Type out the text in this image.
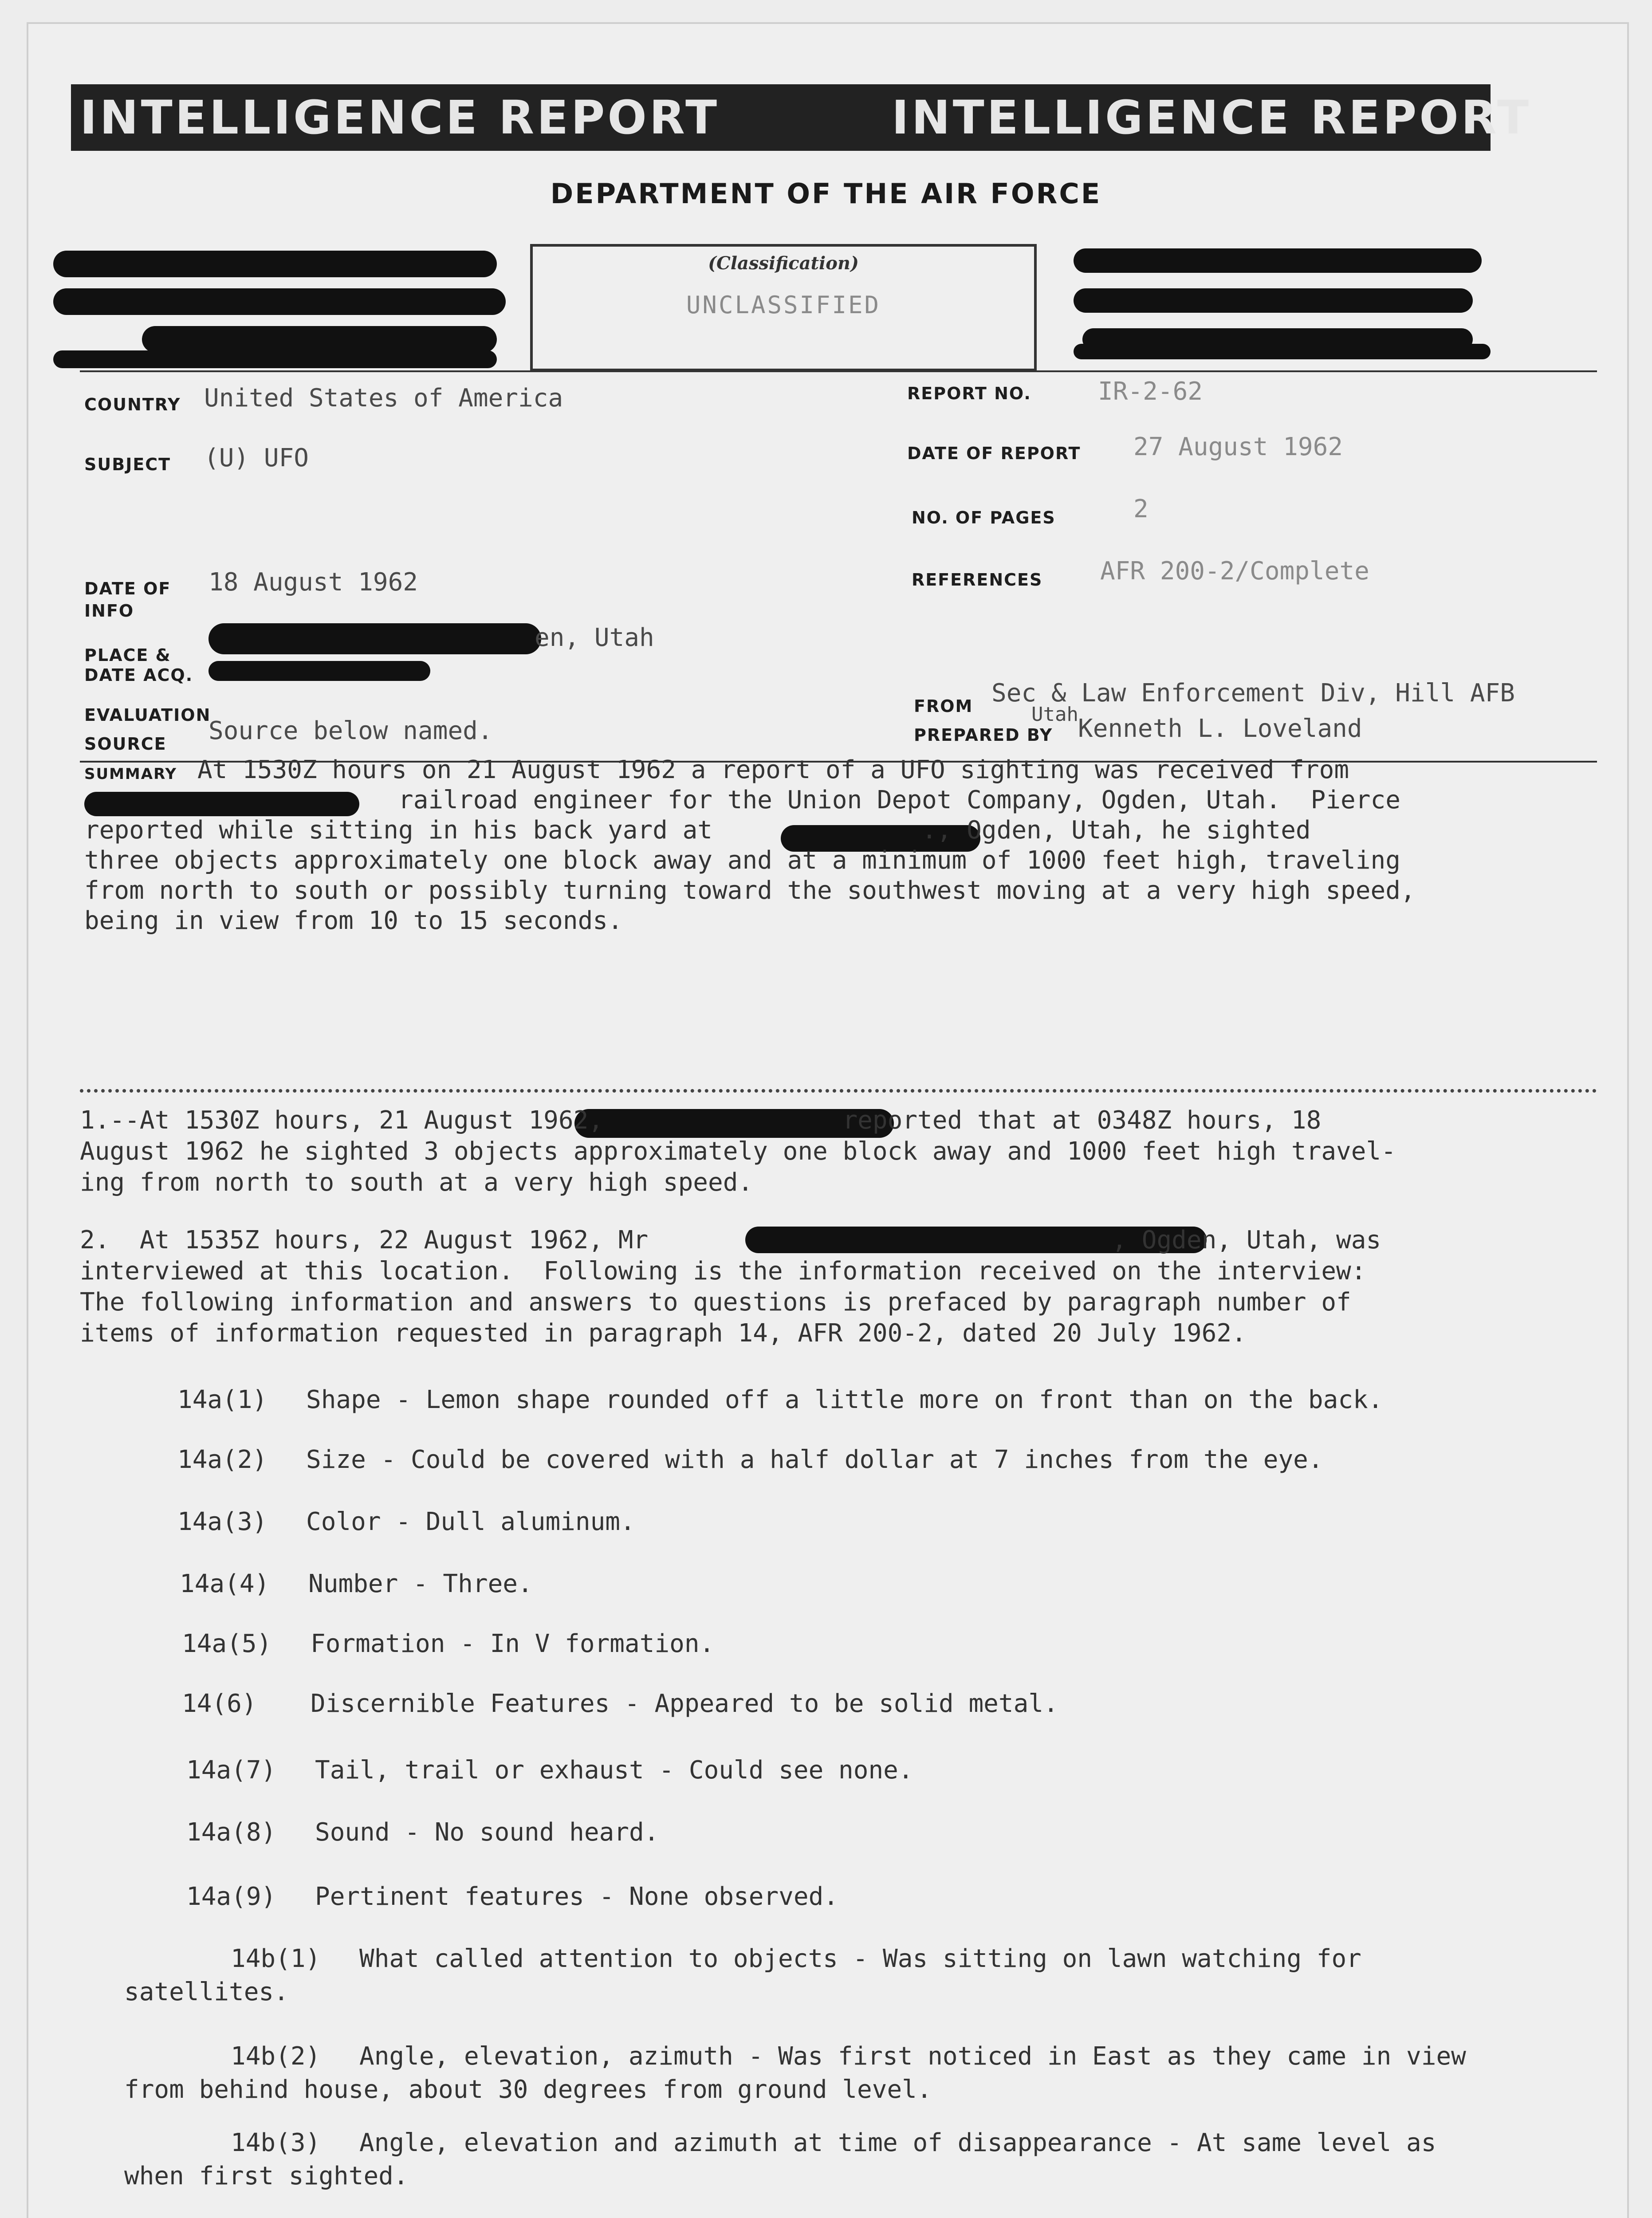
INTELLIGENCE REPORT	INTELLIGENCE REPORT
DEPARTMENT OF THE AIR FORCE
(Classification)
UNCLASSIFIED
COUNTRY United States of America
SUBJECT (U) UFO
DATE OF
INFO
18 August 1962
PLACE &
DATE ACQ.
en, Utah
EVALUATION
SOURCE Source below named.
REPORT NO.	IR-2-62
DATE OF REPORT 27 August 1962
NO. OF PAGES	2
REFERENCES AFR 200-2/Complete
FROM Sec & Law Enforcement Div, Hill AFB
Utah
PREPARED BY Kenneth L. Loveland
SUMMARY At 1530Z hours on 21 August 1962 a report of a UFO sighting was received from
railroad engineer for the Union Depot Company, Ogden, Utah.  Pierce
reported while sitting in his back yard at              ., Ogden, Utah, he sighted
three objects approximately one block away and at a minimum of 1000 feet high, traveling
from north to south or possibly turning toward the southwest moving at a very high speed,
being in view from 10 to 15 seconds.
1.--At 1530Z hours, 21 August 1962,                reported that at 0348Z hours, 18
August 1962 he sighted 3 objects approximately one block away and 1000 feet high travel-
ing from north to south at a very high speed.
2.  At 1535Z hours, 22 August 1962, Mr                               , Ogden, Utah, was
interviewed at this location.  Following is the information received on the interview:
The following information and answers to questions is prefaced by paragraph number of
items of information requested in paragraph 14, AFR 200-2, dated 20 July 1962.
14a(1) Shape - Lemon shape rounded off a little more on front than on the back.
14a(2) Size - Could be covered with a half dollar at 7 inches from the eye.
14a(3) Color - Dull aluminum.
14a(4) Number - Three.
14a(5) Formation - In V formation.
14(6) Discernible Features - Appeared to be solid metal.
14a(7) Tail, trail or exhaust - Could see none.
14a(8) Sound - No sound heard.
14a(9) Pertinent features - None observed.
14b(1) What called attention to objects - Was sitting on lawn watching for
satellites.
14b(2) Angle, elevation, azimuth - Was first noticed in East as they came in view
from behind house, about 30 degrees from ground level.
14b(3) Angle, elevation and azimuth at time of disappearance - At same level as
when first sighted.
